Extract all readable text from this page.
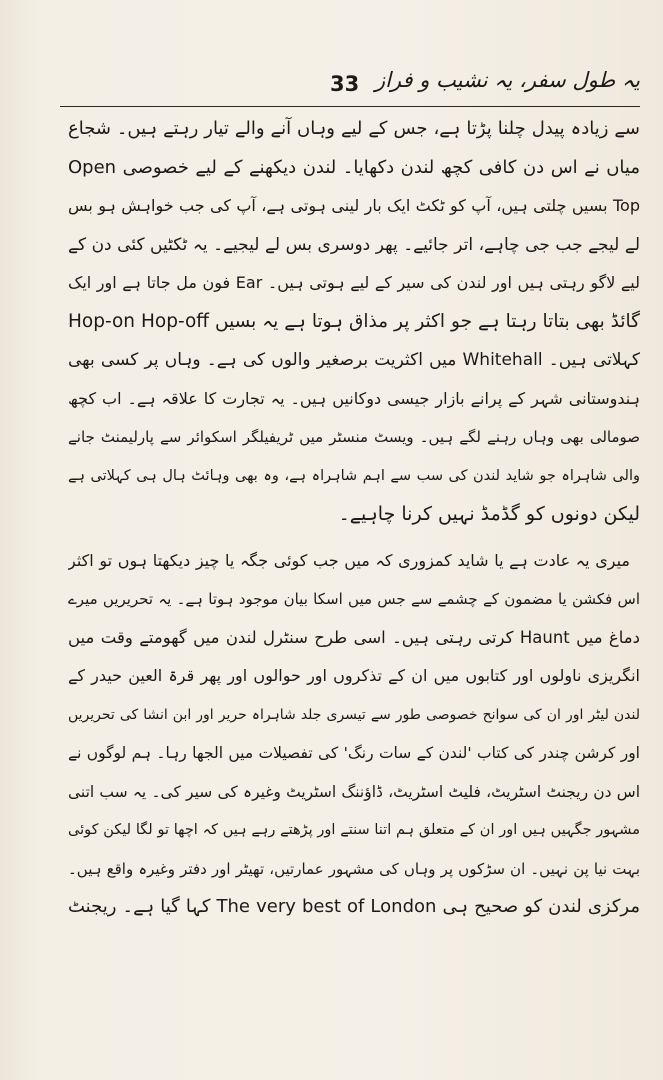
33 یہ طول سفر، یہ نشیب و فراز
سے زیادہ پیدل چلنا پڑتا ہے، جس کے لیے وہاں آنے والے تیار رہتے ہیں۔ شجاع
میاں نے اس دن کافی کچھ لندن دکھایا۔ لندن دیکھنے کے لیے خصوصی Open
Top بسیں چلتی ہیں، آپ کو ٹکٹ ایک بار لینی ہوتی ہے، آپ کی جب خواہش ہو بس
لے لیجے جب جی چاہے، اتر جائیے۔ پھر دوسری بس لے لیجیے۔ یہ ٹکٹیں کئی دن کے
لیے لاگو رہتی ہیں اور لندن کی سیر کے لیے ہوتی ہیں۔ Ear فون مل جاتا ہے اور ایک
گائڈ بھی بتاتا رہتا ہے جو اکثر پر مذاق ہوتا ہے یہ بسیں Hop-on Hop-off
کہلاتی ہیں۔ Whitehall میں اکثریت برصغیر والوں کی ہے۔ وہاں پر کسی بھی
ہندوستانی شہر کے پرانے بازار جیسی دوکانیں ہیں۔ یہ تجارت کا علاقہ ہے۔ اب کچھ
صومالی بھی وہاں رہنے لگے ہیں۔ ویسٹ منسٹر میں ٹریفیلگر اسکوائر سے پارلیمنٹ جانے
والی شاہراہ جو شاید لندن کی سب سے اہم شاہراہ ہے، وہ بھی وہائٹ ہال ہی کہلاتی ہے
لیکن دونوں کو گڈمڈ نہیں کرنا چاہیے۔
میری یہ عادت ہے یا شاید کمزوری کہ میں جب کوئی جگہ یا چیز دیکھتا ہوں تو اکثر
اس فکشن یا مضمون کے چشمے سے جس میں اسکا بیان موجود ہوتا ہے۔ یہ تحریریں میرے
دماغ میں Haunt کرتی رہتی ہیں۔ اسی طرح سنٹرل لندن میں گھومتے وقت میں
انگریزی ناولوں اور کتابوں میں ان کے تذکروں اور حوالوں اور پھر قرۃ العین حیدر کے
لندن لیٹر اور ان کی سوانح خصوصی طور سے تیسری جلد شاہراہ حریر اور ابن انشا کی تحریریں
اور کرشن چندر کی کتاب 'لندن کے سات رنگ' کی تفصیلات میں الجھا رہا۔ ہم لوگوں نے
اس دن ریجنٹ اسٹریٹ، فلیٹ اسٹریٹ، ڈاؤننگ اسٹریٹ وغیرہ کی سیر کی۔ یہ سب اتنی
مشہور جگہیں ہیں اور ان کے متعلق ہم اتنا سنتے اور پڑھتے رہے ہیں کہ اچھا تو لگا لیکن کوئی
بہت نیا پن نہیں۔ ان سڑکوں پر وہاں کی مشہور عمارتیں، تھیٹر اور دفتر وغیرہ واقع ہیں۔
مرکزی لندن کو صحیح ہی The very best of London کہا گیا ہے۔ ریجنٹ
